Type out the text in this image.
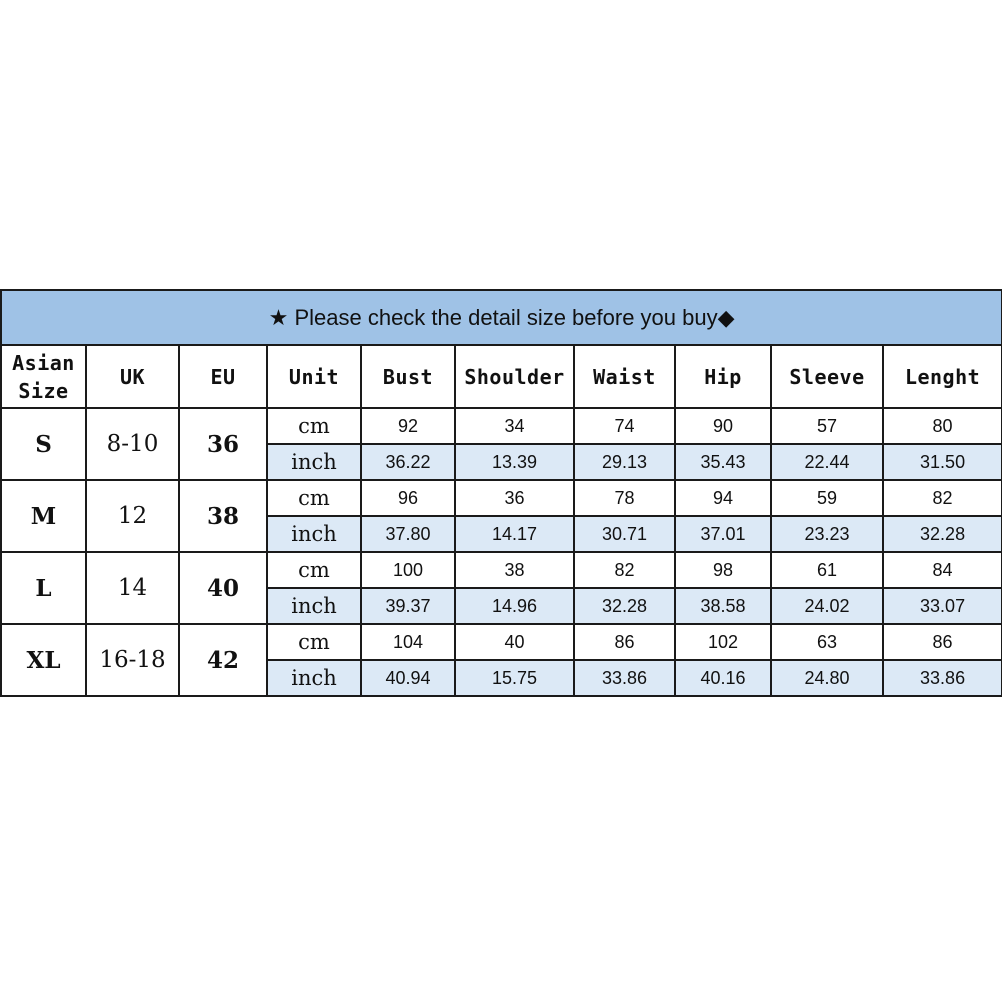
★ Please check the detail size before you buy◆									

Asian
Size	UK	EU	Unit	Bust	Shoulder	Waist	Hip	Sleeve	Lenght
S	8-10	36	cm	92	34	74	90	57	80
			inch	36.22	13.39	29.13	35.43	22.44	31.50
M	12	38	cm	96	36	78	94	59	82
			inch	37.80	14.17	30.71	37.01	23.23	32.28
L	14	40	cm	100	38	82	98	61	84
			inch	39.37	14.96	32.28	38.58	24.02	33.07
XL	16-18	42	cm	104	40	86	102	63	86
			inch	40.94	15.75	33.86	40.16	24.80	33.86
